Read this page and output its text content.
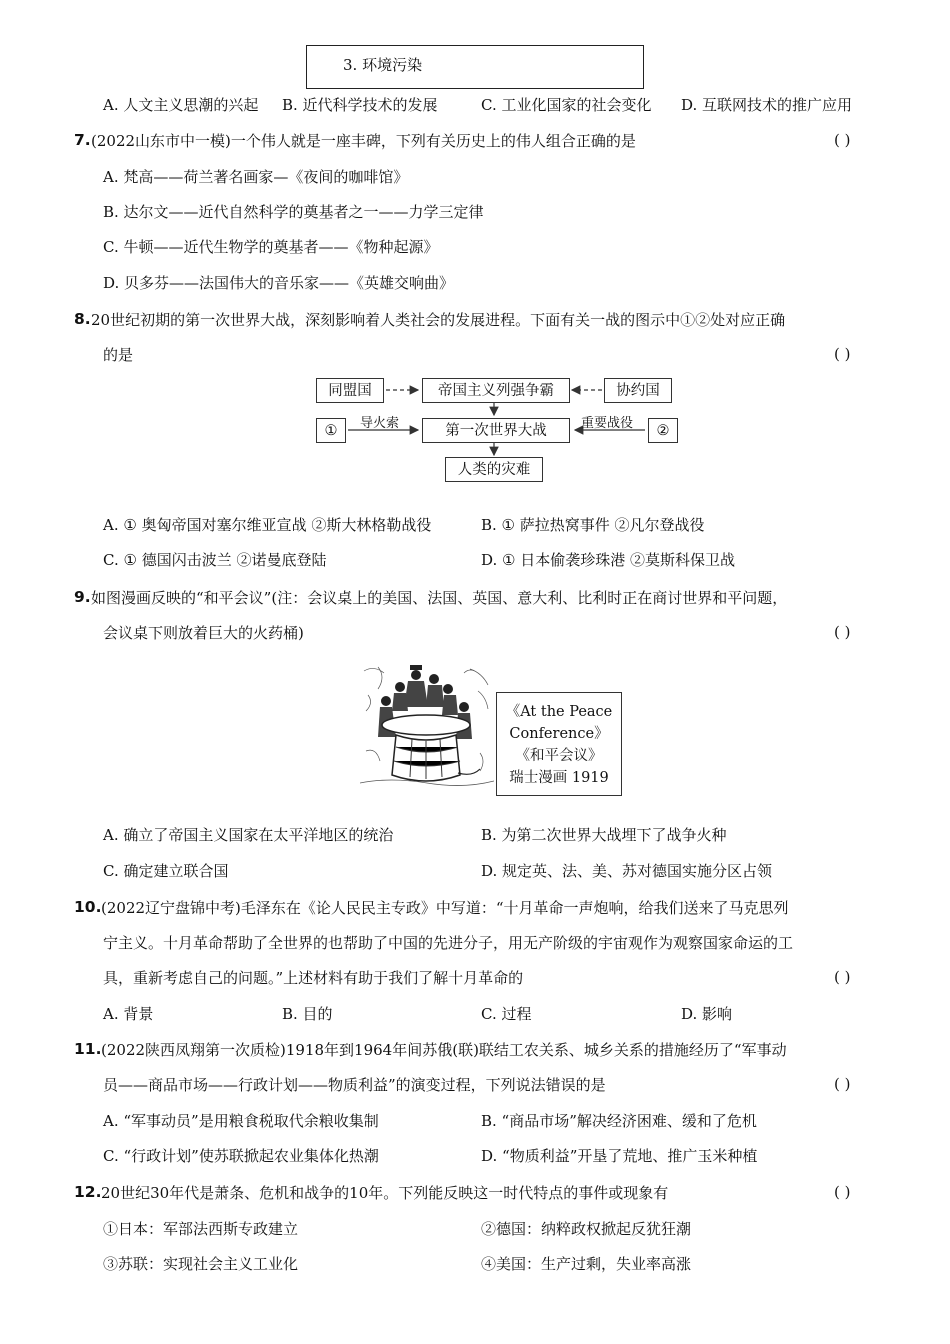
3. 环境污染
A. 人文主义思潮的兴起 B. 近代科学技术的发展	C. 工业化国家的社会变化 D. 互联网技术的推广应用
7. (2022山东市中一模)一个伟人就是一座丰碑，下列有关历史上的伟人组合正确的是	( )
A. 梵高——荷兰著名画家—《夜间的咖啡馆》
B. 达尔文——近代自然科学的奠基者之一——力学三定律
C. 牛顿——近代生物学的奠基者——《物种起源》
D. 贝多芬——法国伟大的音乐家——《英雄交响曲》
8. 20世纪初期的第一次世界大战，深刻影响着人类社会的发展进程。下面有关一战的图示中①②处对应正确
的是	( )
同盟国	帝国主义列强争霸	协约国
①	第一次世界大战	②
人类的灾难
导火索	重要战役
A. ① 奥匈帝国对塞尔维亚宣战 ②斯大林格勒战役	B. ① 萨拉热窝事件 ②凡尔登战役
C. ① 德国闪击波兰 ②诺曼底登陆	D. ① 日本偷袭珍珠港 ②莫斯科保卫战
9. 如图漫画反映的“和平会议”(注：会议桌上的美国、法国、英国、意大利、比利时正在商讨世界和平问题，
会议桌下则放着巨大的火药桶)	( )
《At the Peace
Conference》
《和平会议》
瑞士漫画 1919
A. 确立了帝国主义国家在太平洋地区的统治	B. 为第二次世界大战埋下了战争火种
C. 确定建立联合国	D. 规定英、法、美、苏对德国实施分区占领
10. (2022辽宁盘锦中考)毛泽东在《论人民民主专政》中写道：“十月革命一声炮响，给我们送来了马克思列
宁主义。十月革命帮助了全世界的也帮助了中国的先进分子，用无产阶级的宇宙观作为观察国家命运的工
具，重新考虑自己的问题。”上述材料有助于我们了解十月革命的	( )
A. 背景	B. 目的	C. 过程	D. 影响
11. (2022陕西凤翔第一次质检)1918年到1964年间苏俄(联)联结工农关系、城乡关系的措施经历了“军事动
员——商品市场——行政计划——物质利益”的演变过程，下列说法错误的是	( )
A. “军事动员”是用粮食税取代余粮收集制	B. “商品市场”解决经济困难、缓和了危机
C. “行政计划”使苏联掀起农业集体化热潮	D. “物质利益”开垦了荒地、推广玉米种植
12. 20世纪30年代是萧条、危机和战争的10年。下列能反映这一时代特点的事件或现象有	( )
①日本：军部法西斯专政建立	②德国：纳粹政权掀起反犹狂潮
③苏联：实现社会主义工业化	④美国：生产过剩，失业率高涨
